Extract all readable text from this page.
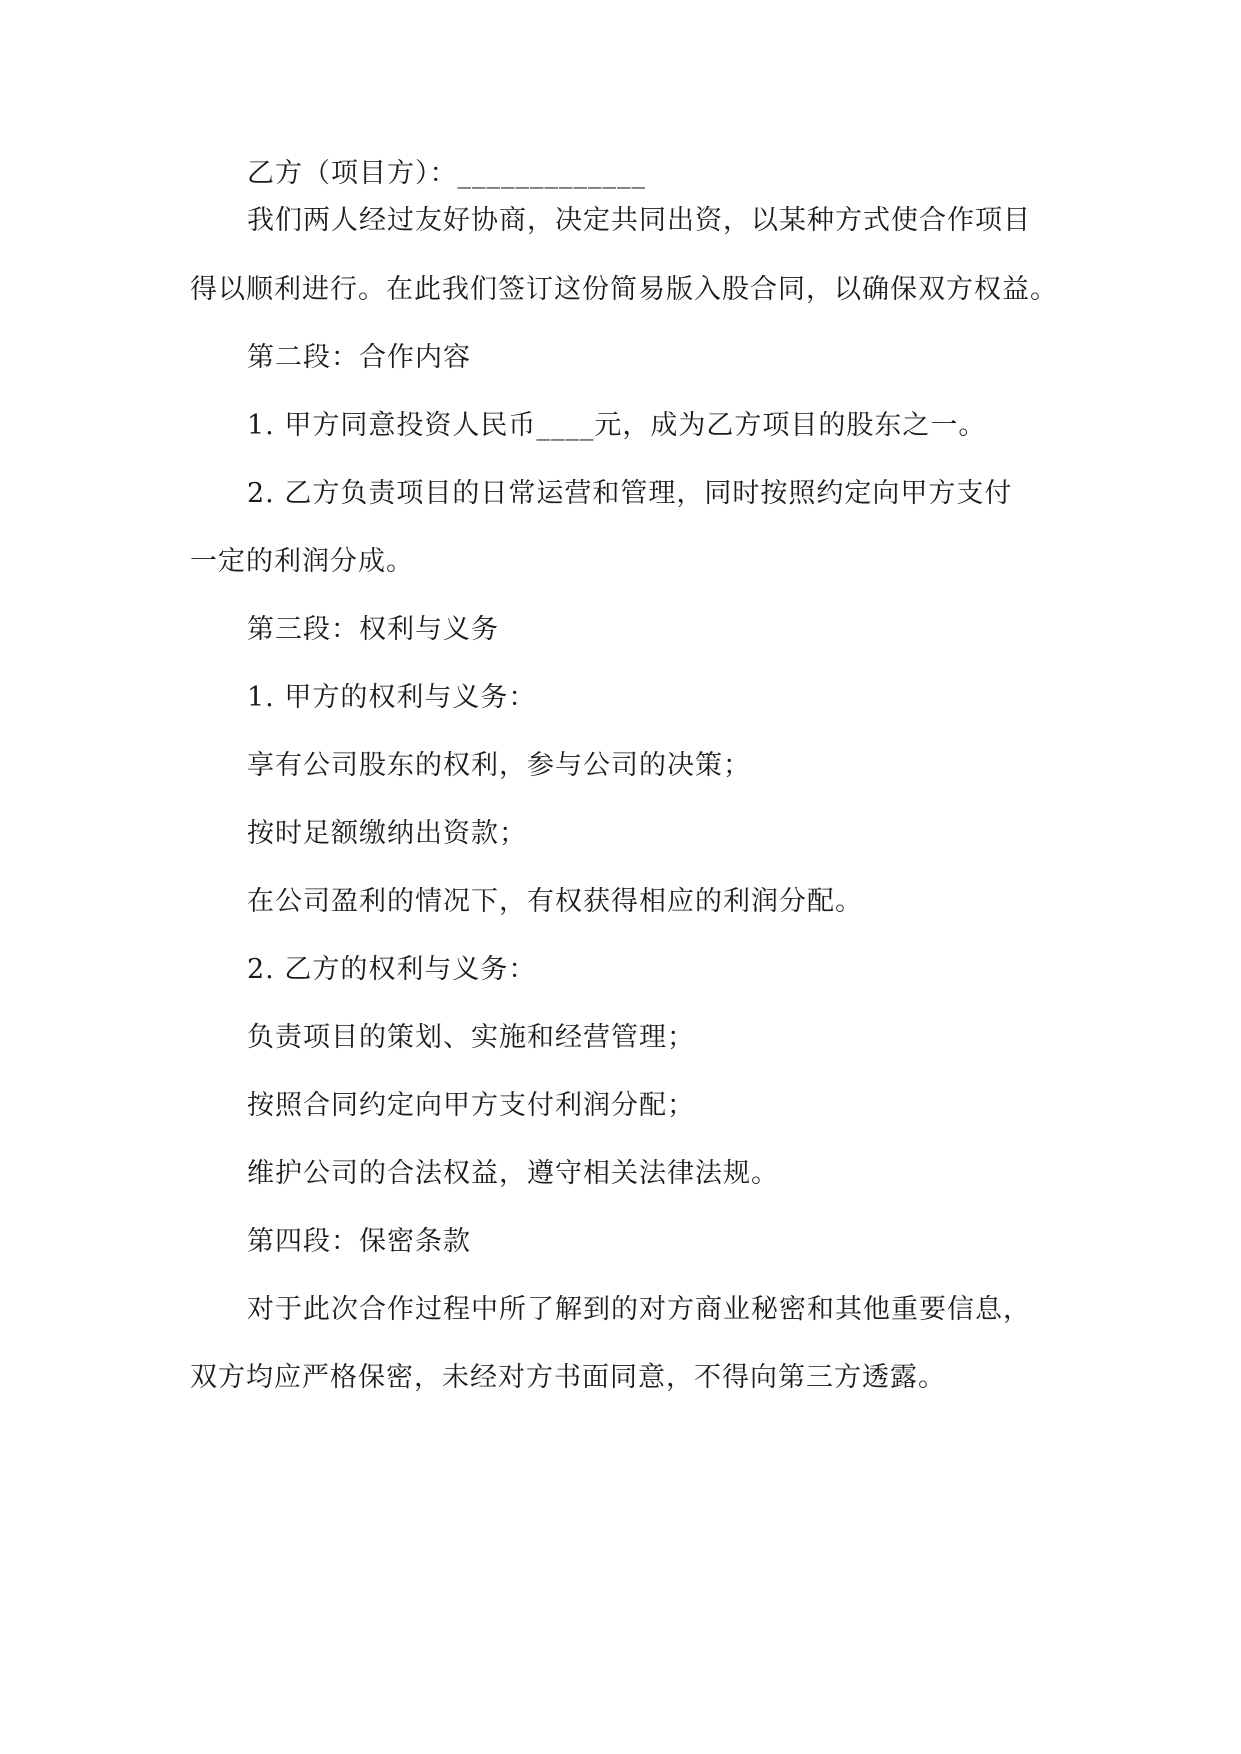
乙方（项目方）：_____________
我们两人经过友好协商，决定共同出资，以某种方式使合作项目
得以顺利进行。在此我们签订这份简易版入股合同，以确保双方权益。
第二段：合作内容
1. 甲方同意投资人民币____元，成为乙方项目的股东之一。
2. 乙方负责项目的日常运营和管理，同时按照约定向甲方支付
一定的利润分成。
第三段：权利与义务
1. 甲方的权利与义务：
享有公司股东的权利，参与公司的决策；
按时足额缴纳出资款；
在公司盈利的情况下，有权获得相应的利润分配。
2. 乙方的权利与义务：
负责项目的策划、实施和经营管理；
按照合同约定向甲方支付利润分配；
维护公司的合法权益，遵守相关法律法规。
第四段：保密条款
对于此次合作过程中所了解到的对方商业秘密和其他重要信息，
双方均应严格保密，未经对方书面同意，不得向第三方透露。
